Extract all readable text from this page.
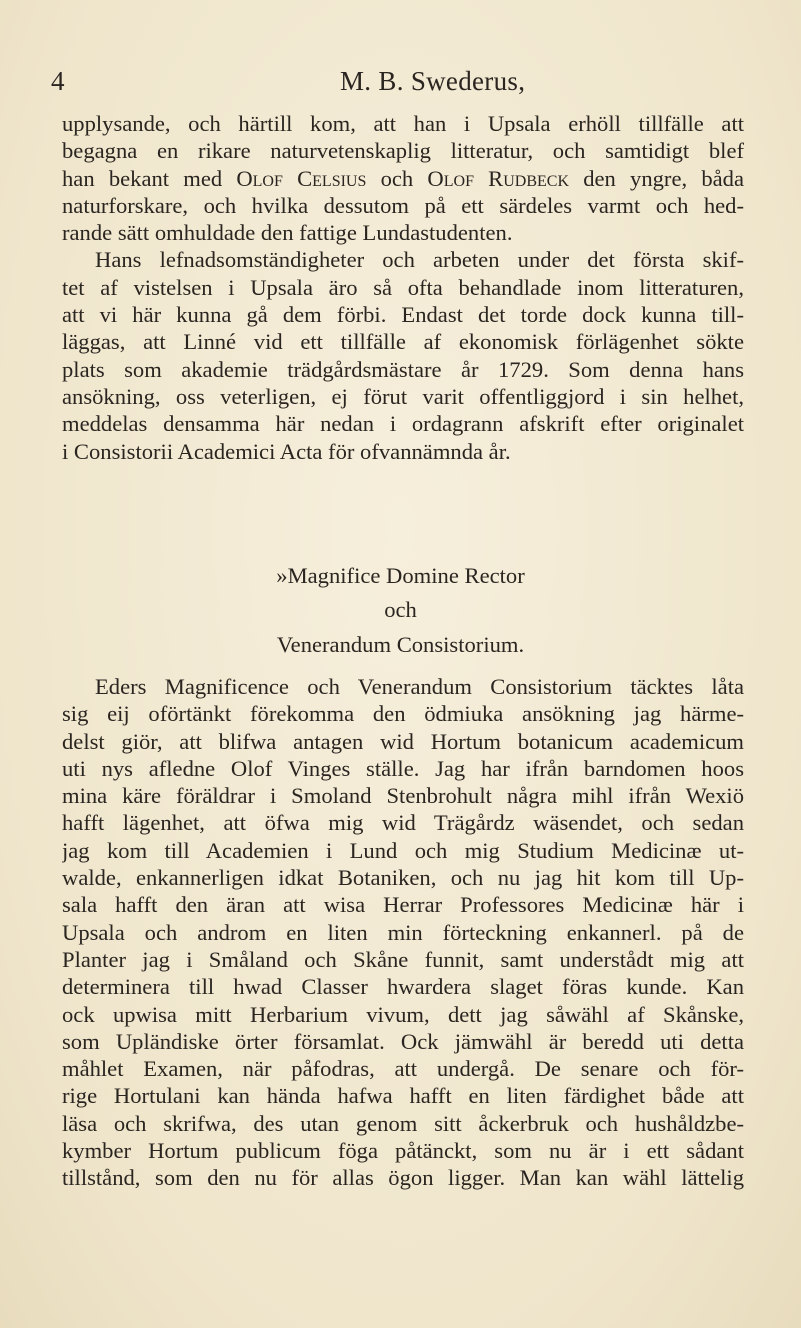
4	M. B. Swederus,
upplysande, och härtill kom, att han i Upsala erhöll tillfälle att
begagna en rikare naturvetenskaplig litteratur, och samtidigt blef
han bekant med Olof Celsius och Olof Rudbeck den yngre, båda
naturforskare, och hvilka dessutom på ett särdeles varmt och hed-
rande sätt omhuldade den fattige Lundastudenten.
Hans lefnadsomständigheter och arbeten under det första skif-
tet af vistelsen i Upsala äro så ofta behandlade inom litteraturen,
att vi här kunna gå dem förbi. Endast det torde dock kunna till-
läggas, att Linné vid ett tillfälle af ekonomisk förlägenhet sökte
plats som akademie trädgårdsmästare år 1729. Som denna hans
ansökning, oss veterligen, ej förut varit offentliggjord i sin helhet,
meddelas densamma här nedan i ordagrann afskrift efter originalet
i Consistorii Academici Acta för ofvannämnda år.
»Magnifice Domine Rector
och
Venerandum Consistorium.
Eders Magnificence och Venerandum Consistorium täcktes låta
sig eij oförtänkt förekomma den ödmiuka ansökning jag härme-
delst giör, att blifwa antagen wid Hortum botanicum academicum
uti nys afledne Olof Vinges ställe. Jag har ifrån barndomen hoos
mina käre föräldrar i Smoland Stenbrohult några mihl ifrån Wexiö
hafft lägenhet, att öfwa mig wid Trägårdz wäsendet, och sedan
jag kom till Academien i Lund och mig Studium Medicinæ ut-
walde, enkannerligen idkat Botaniken, och nu jag hit kom till Up-
sala hafft den äran att wisa Herrar Professores Medicinæ här i
Upsala och androm en liten min förteckning enkannerl. på de
Planter jag i Småland och Skåne funnit, samt understådt mig att
determinera till hwad Classer hwardera slaget föras kunde. Kan
ock upwisa mitt Herbarium vivum, dett jag såwähl af Skånske,
som Upländiske örter församlat. Ock jämwähl är beredd uti detta
måhlet Examen, när påfodras, att undergå. De senare och för-
rige Hortulani kan hända hafwa hafft en liten färdighet både att
läsa och skrifwa, des utan genom sitt åckerbruk och hushåldzbe-
kymber Hortum publicum föga påtänckt, som nu är i ett sådant
tillstånd, som den nu för allas ögon ligger. Man kan wähl lättelig
